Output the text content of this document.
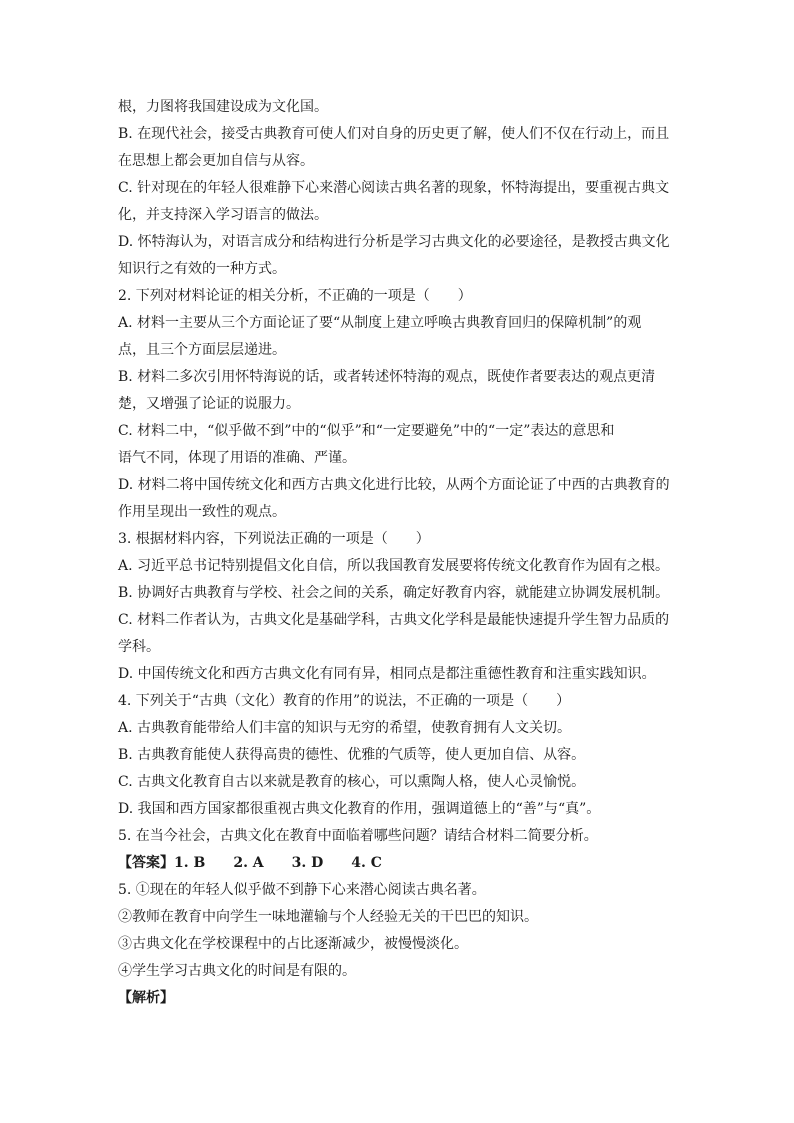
根，力图将我国建设成为文化国。
B. 在现代社会，接受古典教育可使人们对自身的历史更了解，使人们不仅在行动上，而且
在思想上都会更加自信与从容。
C. 针对现在的年轻人很难静下心来潜心阅读古典名著的现象，怀特海提出，要重视古典文
化，并支持深入学习语言的做法。
D. 怀特海认为，对语言成分和结构进行分析是学习古典文化的必要途径，是教授古典文化
知识行之有效的一种方式。
2. 下列对材料论证的相关分析，不正确的一项是（　　）
A. 材料一主要从三个方面论证了要“从制度上建立呼唤古典教育回归的保障机制”的观
点，且三个方面层层递进。
B. 材料二多次引用怀特海说的话，或者转述怀特海的观点，既使作者要表达的观点更清
楚，又增强了论证的说服力。
C. 材料二中，“似乎做不到”中的“似乎”和“一定要避免”中的“一定”表达的意思和
语气不同，体现了用语的准确、严谨。
D. 材料二将中国传统文化和西方古典文化进行比较，从两个方面论证了中西的古典教育的
作用呈现出一致性的观点。
3. 根据材料内容，下列说法正确的一项是（　　）
A. 习近平总书记特别提倡文化自信，所以我国教育发展要将传统文化教育作为固有之根。
B. 协调好古典教育与学校、社会之间的关系，确定好教育内容，就能建立协调发展机制。
C. 材料二作者认为，古典文化是基础学科，古典文化学科是最能快速提升学生智力品质的
学科。
D. 中国传统文化和西方古典文化有同有异，相同点是都注重德性教育和注重实践知识。
4. 下列关于“古典（文化）教育的作用”的说法，不正确的一项是（　　）
A. 古典教育能带给人们丰富的知识与无穷的希望，使教育拥有人文关切。
B. 古典教育能使人获得高贵的德性、优雅的气质等，使人更加自信、从容。
C. 古典文化教育自古以来就是教育的核心，可以熏陶人格，使人心灵愉悦。
D. 我国和西方国家都很重视古典文化教育的作用，强调道德上的“善”与“真”。
5. 在当今社会，古典文化在教育中面临着哪些问题？请结合材料二简要分析。
【答案】1. B　　2. A　　3. D　　4. C
5. ①现在的年轻人似乎做不到静下心来潜心阅读古典名著。
②教师在教育中向学生一味地灌输与个人经验无关的干巴巴的知识。
③古典文化在学校课程中的占比逐渐减少，被慢慢淡化。
④学生学习古典文化的时间是有限的。
【解析】
